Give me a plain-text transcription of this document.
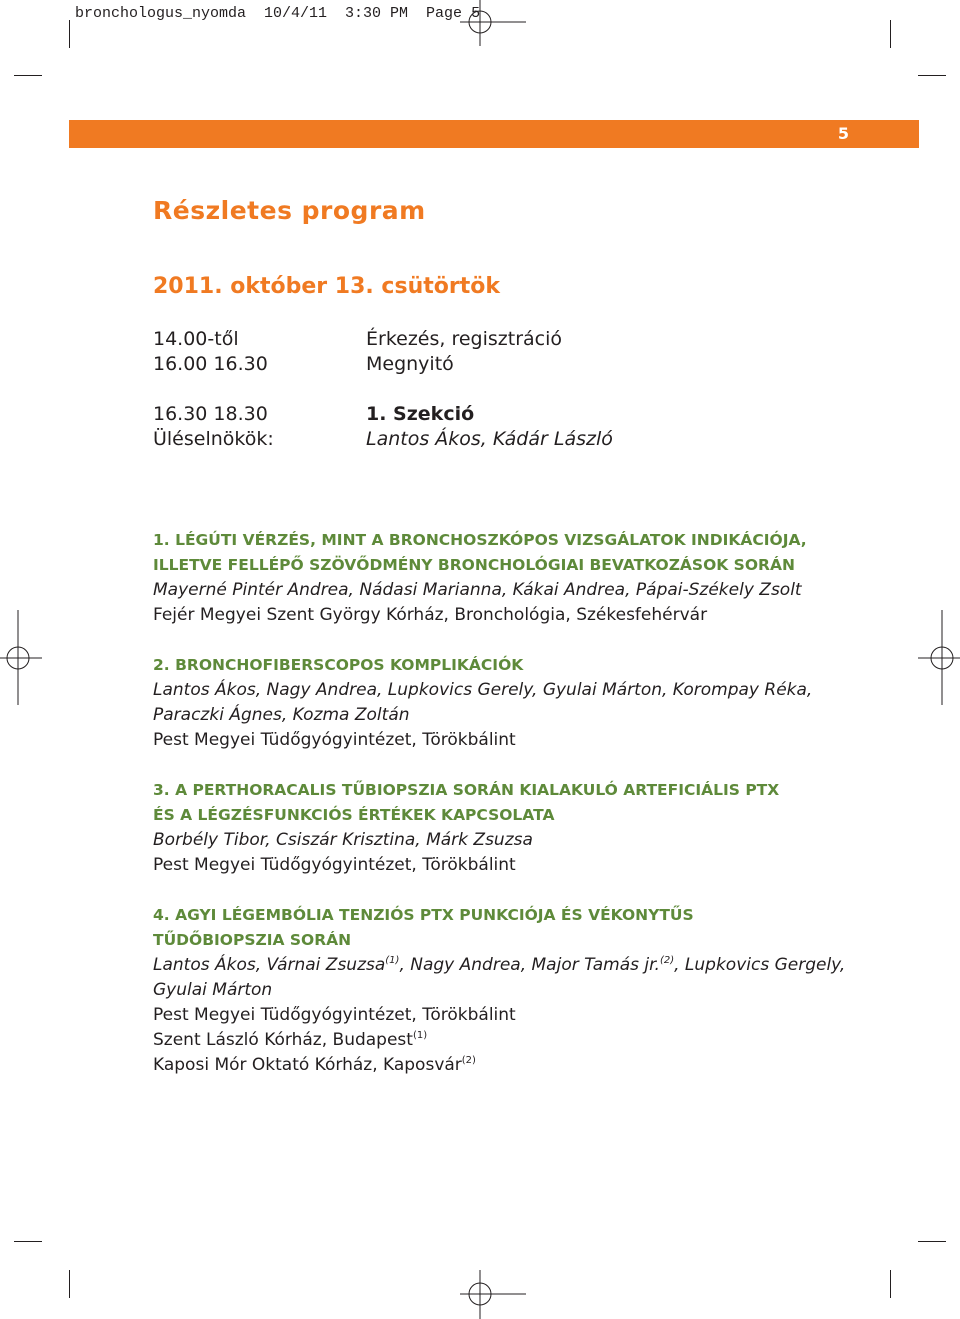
bronchologus_nyomda  10/4/11  3:30 PM  Page 5
5
Részletes program
2011. október 13. csütörtök
14.00-től	Érkezés, regisztráció
16.00 16.30	Megnyitó
16.30 18.30	1. Szekció
Üléselnökök:	Lantos Ákos, Kádár László
1. LÉGÚTI VÉRZÉS, MINT A BRONCHOSZKÓPOS VIZSGÁLATOK INDIKÁCIÓJA,
ILLETVE FELLÉPŐ SZÖVŐDMÉNY BRONCHOLÓGIAI BEVATKOZÁSOK SORÁN
Mayerné Pintér Andrea, Nádasi Marianna, Kákai Andrea, Pápai-Székely Zsolt
Fejér Megyei Szent György Kórház, Bronchológia, Székesfehérvár
2. BRONCHOFIBERSCOPOS KOMPLIKÁCIÓK
Lantos Ákos, Nagy Andrea, Lupkovics Gerely, Gyulai Márton, Korompay Réka,
Paraczki Ágnes, Kozma Zoltán
Pest Megyei Tüdőgyógyintézet, Törökbálint
3. A PERTHORACALIS TŰBIOPSZIA SORÁN KIALAKULÓ ARTEFICIÁLIS PTX
ÉS A LÉGZÉSFUNKCIÓS ÉRTÉKEK KAPCSOLATA
Borbély Tibor, Csiszár Krisztina, Márk Zsuzsa
Pest Megyei Tüdőgyógyintézet, Törökbálint
4. AGYI LÉGEMBÓLIA TENZIÓS PTX PUNKCIÓJA ÉS VÉKONYTŰS
TŰDŐBIOPSZIA SORÁN
Lantos Ákos, Várnai Zsuzsa$^{(1)}$, Nagy Andrea, Major Tamás jr.$^{(2)}$, Lupkovics Gergely,
Gyulai Márton
Pest Megyei Tüdőgyógyintézet, Törökbálint
Szent László Kórház, Budapest$^{(1)}$
Kaposi Mór Oktató Kórház, Kaposvár$^{(2)}$
